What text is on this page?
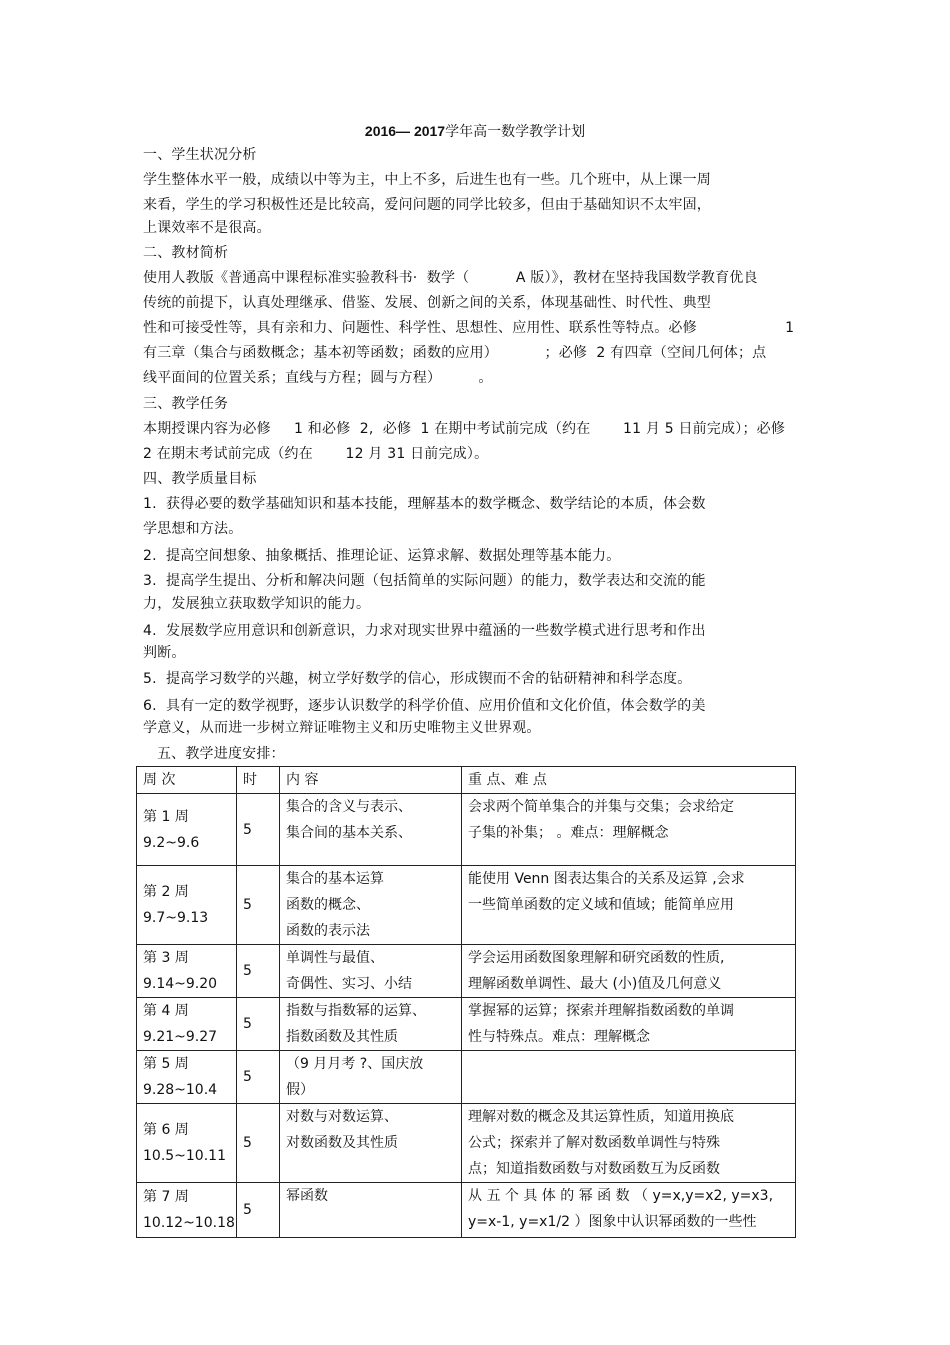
2016— 2017学年高一数学教学计划
一、学生状况分析
学生整体水平一般，成绩以中等为主，中上不多，后进生也有一些。几个班中，从上课一周
来看，学生的学习积极性还是比较高，爱问问题的同学比较多，但由于基础知识不太牢固，
上课效率不是很高。
二、教材简析
使用人教版《普通高中课程标准实验教科书·  数学（          A 版）》，教材在坚持我国数学教育优良
传统的前提下，认真处理继承、借鉴、发展、创新之间的关系，体现基础性、时代性、典型
性和可接受性等，具有亲和力、问题性、科学性、思想性、应用性、联系性等特点。必修                   1
有三章（集合与函数概念；基本初等函数；函数的应用）          ；必修  2 有四章（空间几何体；点
线平面间的位置关系；直线与方程；圆与方程）        。
三、教学任务
本期授课内容为必修     1 和必修  2,  必修  1 在期中考试前完成（约在       11 月 5 日前完成）；必修
2 在期末考试前完成（约在       12 月 31 日前完成）。
四、教学质量目标
1.  获得必要的数学基础知识和基本技能，理解基本的数学概念、数学结论的本质，体会数
学思想和方法。
2.  提高空间想象、抽象概括、推理论证、运算求解、数据处理等基本能力。
3.  提高学生提出、分析和解决问题（包括简单的实际问题）的能力，数学表达和交流的能
力，发展独立获取数学知识的能力。
4.  发展数学应用意识和创新意识，力求对现实世界中蕴涵的一些数学模式进行思考和作出
判断。
5.  提高学习数学的兴趣，树立学好数学的信心，形成锲而不舍的钻研精神和科学态度。
6.  具有一定的数学视野，逐步认识数学的科学价值、应用价值和文化价值，体会数学的美
学意义，从而进一步树立辩证唯物主义和历史唯物主义世界观。
五、教学进度安排：
周 次	时	内 容	重 点、难 点

第 1 周
9.2~9.6	5	集合的含义与表示、
集合间的基本关系、	会求两个简单集合的并集与交集；会求给定
子集的补集； 。难点：理解概念

第 2 周
9.7~9.13	5	集合的基本运算
函数的概念、
函数的表示法	能使用 Venn 图表达集合的关系及运算 ,会求
一些简单函数的定义域和值域；能简单应用

第 3 周
9.14~9.20	5	单调性与最值、
奇偶性、实习、小结	学会运用函数图象理解和研究函数的性质,
理解函数单调性、最大 (小)值及几何意义

第 4 周
9.21~9.27	5	指数与指数幂的运算、
指数函数及其性质	掌握幂的运算；探索并理解指数函数的单调
性与特殊点。难点：理解概念

第 5 周
9.28~10.4	5	（9 月月考 ?、国庆放
假）	

第 6 周
10.5~10.11	5	对数与对数运算、
对数函数及其性质	理解对数的概念及其运算性质，知道用换底
公式；探索并了解对数函数单调性与特殊
点；知道指数函数与对数函数互为反函数

第 7 周
10.12~10.18	5	幂函数	从 五 个 具 体 的 幂 函 数 （ y=x,y=x2, y=x3,
y=x-1, y=x1/2 ）图象中认识幂函数的一些性
